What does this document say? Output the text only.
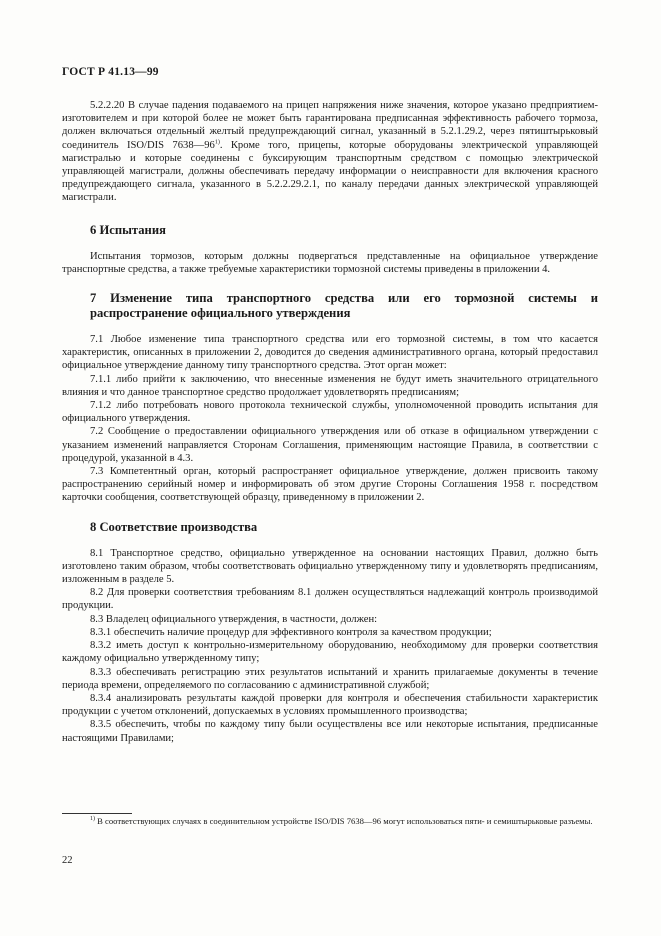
ГОСТ Р 41.13—99

5.2.2.20 В случае падения подаваемого на прицеп напряжения ниже значения, которое указано предприятием-изготовителем и при которой более не может быть гарантирована предписанная эффективность рабочего тормоза, должен включаться отдельный желтый предупреждающий сигнал, указанный в 5.2.1.29.2, через пятиштырьковый соединитель ISO/DIS 7638—96$^{1)}$. Кроме того, прицепы, которые оборудованы электрической управляющей магистралью и которые соединены с буксирующим транспортным средством с помощью электрической управляющей магистрали, должны обеспечивать передачу информации о неисправности для включения красного предупреждающего сигнала, указанного в 5.2.2.29.2.1, по каналу передачи данных электрической управляющей магистрали.

6 Испытания

Испытания тормозов, которым должны подвергаться представленные на официальное утверждение транспортные средства, а также требуемые характеристики тормозной системы приведены в приложении 4.

7 Изменение типа транспортного средства или его тормозной системы и распространение официального утверждения

7.1 Любое изменение типа транспортного средства или его тормозной системы, в том что касается характеристик, описанных в приложении 2, доводится до сведения административного органа, который предоставил официальное утверждение данному типу транспортного средства. Этот орган может:

7.1.1 либо прийти к заключению, что внесенные изменения не будут иметь значительного отрицательного влияния и что данное транспортное средство продолжает удовлетворять предписаниям;

7.1.2 либо потребовать нового протокола технической службы, уполномоченной проводить испытания для официального утверждения.

7.2 Сообщение о предоставлении официального утверждения или об отказе в официальном утверждении с указанием изменений направляется Сторонам Соглашения, применяющим настоящие Правила, в соответствии с процедурой, указанной в 4.3.

7.3 Компетентный орган, который распространяет официальное утверждение, должен присвоить такому распространению серийный номер и информировать об этом другие Стороны Соглашения 1958 г. посредством карточки сообщения, соответствующей образцу, приведенному в приложении 2.

8 Соответствие производства

8.1 Транспортное средство, официально утвержденное на основании настоящих Правил, должно быть изготовлено таким образом, чтобы соответствовать официально утвержденному типу и удовлетворять предписаниям, изложенным в разделе 5.

8.2 Для проверки соответствия требованиям 8.1 должен осуществляться надлежащий контроль производимой продукции.

8.3 Владелец официального утверждения, в частности, должен:

8.3.1 обеспечить наличие процедур для эффективного контроля за качеством продукции;

8.3.2 иметь доступ к контрольно-измерительному оборудованию, необходимому для проверки соответствия каждому официально утвержденному типу;

8.3.3 обеспечивать регистрацию этих результатов испытаний и хранить прилагаемые документы в течение периода времени, определяемого по согласованию с административной службой;

8.3.4 анализировать результаты каждой проверки для контроля и обеспечения стабильности характеристик продукции с учетом отклонений, допускаемых в условиях промышленного производства;

8.3.5 обеспечить, чтобы по каждому типу были осуществлены все или некоторые испытания, предписанные настоящими Правилами;

$^{1)}$ В соответствующих случаях в соединительном устройстве ISO/DIS 7638—96 могут использоваться пяти- и семиштырьковые разъемы.
22
